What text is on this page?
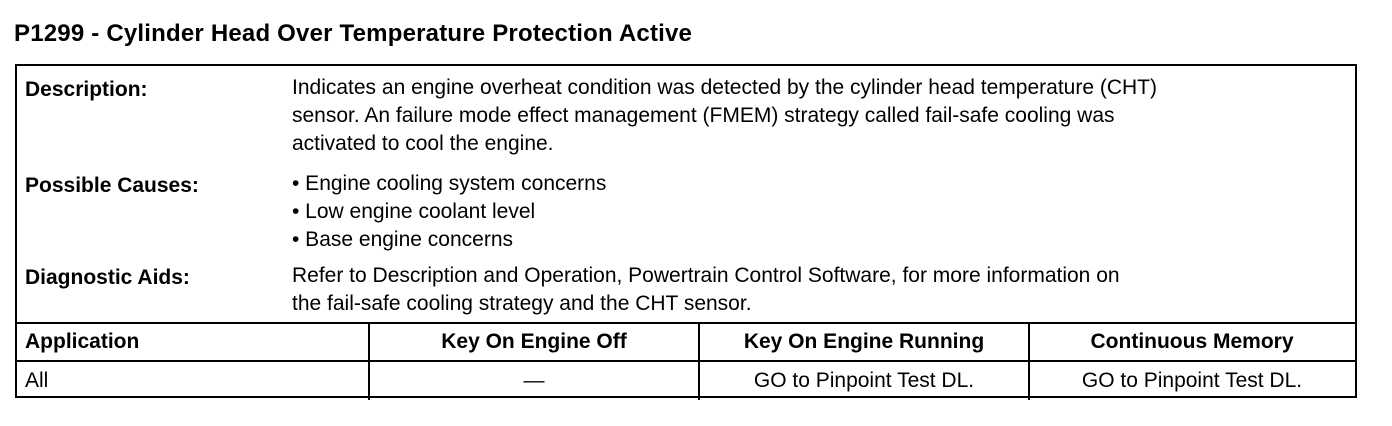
P1299 - Cylinder Head Over Temperature Protection Active
Description:	Indicates an engine overheat condition was detected by the cylinder head temperature (CHT)
sensor. An failure mode effect management (FMEM) strategy called fail-safe cooling was
activated to cool the engine.
Possible Causes:	• Engine cooling system concerns
• Low engine coolant level
• Base engine concerns
Diagnostic Aids:	Refer to Description and Operation, Powertrain Control Software, for more information on
the fail-safe cooling strategy and the CHT sensor.
Application	Key On Engine Off	Key On Engine Running	Continuous Memory
All	—	GO to Pinpoint Test DL.	GO to Pinpoint Test DL.
